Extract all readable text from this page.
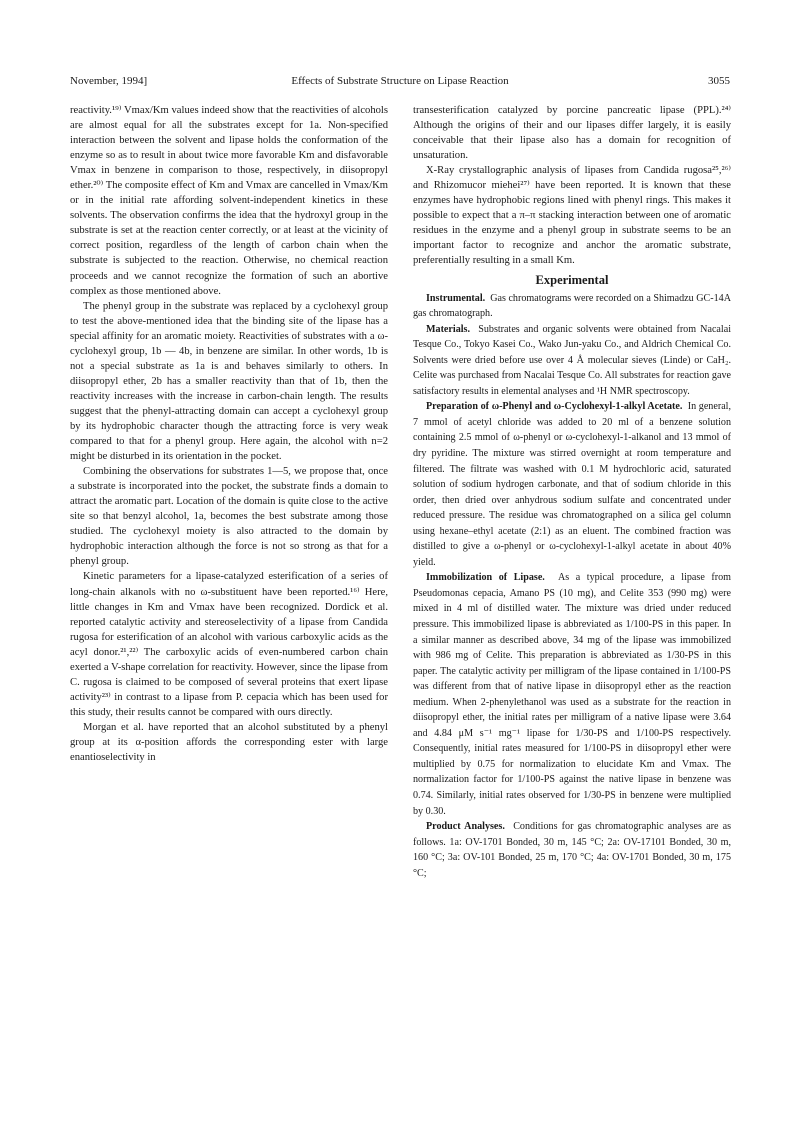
November, 1994]	Effects of Substrate Structure on Lipase Reaction	3055

reactivity.¹⁹⁾ Vmax/Km values indeed show that the reactivities of alcohols are almost equal for all the substrates except for 1a. Non-specified interaction between the solvent and lipase holds the conformation of the enzyme so as to result in about twice more favorable Km and disfavorable Vmax in benzene in comparison to those, respectively, in diisopropyl ether.²⁰⁾ The composite effect of Km and Vmax are cancelled in Vmax/Km or in the initial rate affording solvent-independent kinetics in these solvents. The observation confirms the idea that the hydroxyl group in the substrate is set at the reaction center correctly, or at least at the vicinity of correct position, regardless of the length of carbon chain when the substrate is subjected to the reaction. Otherwise, no chemical reaction proceeds and we cannot recognize the formation of such an abortive complex as those mentioned above.

The phenyl group in the substrate was replaced by a cyclohexyl group to test the above-mentioned idea that the binding site of the lipase has a special affinity for an aromatic moiety. Reactivities of substrates with a ω-cyclohexyl group, 1b — 4b, in benzene are similar. In other words, 1b is not a special substrate as 1a is and behaves similarly to others. In diisopropyl ether, 2b has a smaller reactivity than that of 1b, then the reactivity increases with the increase in carbon-chain length. The results suggest that the phenyl-attracting domain can accept a cyclohexyl group by its hydrophobic character though the attracting force is very weak compared to that for a phenyl group. Here again, the alcohol with n=2 might be disturbed in its orientation in the pocket.

Combining the observations for substrates 1—5, we propose that, once a substrate is incorporated into the pocket, the substrate finds a domain to attract the aromatic part. Location of the domain is quite close to the active site so that benzyl alcohol, 1a, becomes the best substrate among those studied. The cyclohexyl moiety is also attracted to the domain by hydrophobic interaction although the force is not so strong as that for a phenyl group.

Kinetic parameters for a lipase-catalyzed esterification of a series of long-chain alkanols with no ω-substituent have been reported.¹⁶⁾ Here, little changes in Km and Vmax have been recognized. Dordick et al. reported catalytic activity and stereoselectivity of a lipase from Candida rugosa for esterification of an alcohol with various carboxylic acids as the acyl donor.²¹,²²⁾ The carboxylic acids of even-numbered carbon chain exerted a V-shape correlation for reactivity. However, since the lipase from C. rugosa is claimed to be composed of several proteins that exert lipase activity²³⁾ in contrast to a lipase from P. cepacia which has been used for this study, their results cannot be compared with ours directly.

Morgan et al. have reported that an alcohol substituted by a phenyl group at its α-position affords the corresponding ester with large enantioselectivity in

transesterification catalyzed by porcine pancreatic lipase (PPL).²⁴⁾ Although the origins of their and our lipases differ largely, it is easily conceivable that their lipase also has a domain for recognition of unsaturation.

X-Ray crystallographic analysis of lipases from Candida rugosa²⁵,²⁶⁾ and Rhizomucor miehei²⁷⁾ have been reported. It is known that these enzymes have hydrophobic regions lined with phenyl rings. This makes it possible to expect that a π–π stacking interaction between one of aromatic residues in the enzyme and a phenyl group in substrate seems to be an important factor to recognize and anchor the aromatic substrate, preferentially resulting in a small Km.

Experimental

Instrumental. Gas chromatograms were recorded on a Shimadzu GC-14A gas chromatograph.

Materials. Substrates and organic solvents were obtained from Nacalai Tesque Co., Tokyo Kasei Co., Wako Jun-yaku Co., and Aldrich Chemical Co. Solvents were dried before use over 4 Å molecular sieves (Linde) or CaH₂. Celite was purchased from Nacalai Tesque Co. All substrates for reaction gave satisfactory results in elemental analyses and ¹H NMR spectroscopy.

Preparation of ω-Phenyl and ω-Cyclohexyl-1-alkyl Acetate. In general, 7 mmol of acetyl chloride was added to 20 ml of a benzene solution containing 2.5 mmol of ω-phenyl or ω-cyclohexyl-1-alkanol and 13 mmol of dry pyridine. The mixture was stirred overnight at room temperature and filtered. The filtrate was washed with 0.1 M hydrochloric acid, saturated solution of sodium hydrogen carbonate, and that of sodium chloride in this order, then dried over anhydrous sodium sulfate and concentrated under reduced pressure. The residue was chromatographed on a silica gel column using hexane–ethyl acetate (2:1) as an eluent. The combined fraction was distilled to give a ω-phenyl or ω-cyclohexyl-1-alkyl acetate in about 40% yield.

Immobilization of Lipase. As a typical procedure, a lipase from Pseudomonas cepacia, Amano PS (10 mg), and Celite 353 (990 mg) were mixed in 4 ml of distilled water. The mixture was dried under reduced pressure. This immobilized lipase is abbreviated as 1/100-PS in this paper. In a similar manner as described above, 34 mg of the lipase was immobilized with 986 mg of Celite. This preparation is abbreviated as 1/30-PS in this paper. The catalytic activity per milligram of the lipase contained in 1/100-PS was different from that of native lipase in diisopropyl ether as the reaction medium. When 2-phenylethanol was used as a substrate for the reaction in diisopropyl ether, the initial rates per milligram of a native lipase were 3.64 and 4.84 μM s⁻¹ mg⁻¹ lipase for 1/30-PS and 1/100-PS respectively. Consequently, initial rates measured for 1/100-PS in diisopropyl ether were multiplied by 0.75 for normalization to elucidate Km and Vmax. The normalization factor for 1/100-PS against the native lipase in benzene was 0.74. Similarly, initial rates observed for 1/30-PS in benzene were multiplied by 0.30.

Product Analyses. Conditions for gas chromatographic analyses are as follows. 1a: OV-1701 Bonded, 30 m, 145 °C; 2a: OV-17101 Bonded, 30 m, 160 °C; 3a: OV-101 Bonded, 25 m, 170 °C; 4a: OV-1701 Bonded, 30 m, 175 °C;
